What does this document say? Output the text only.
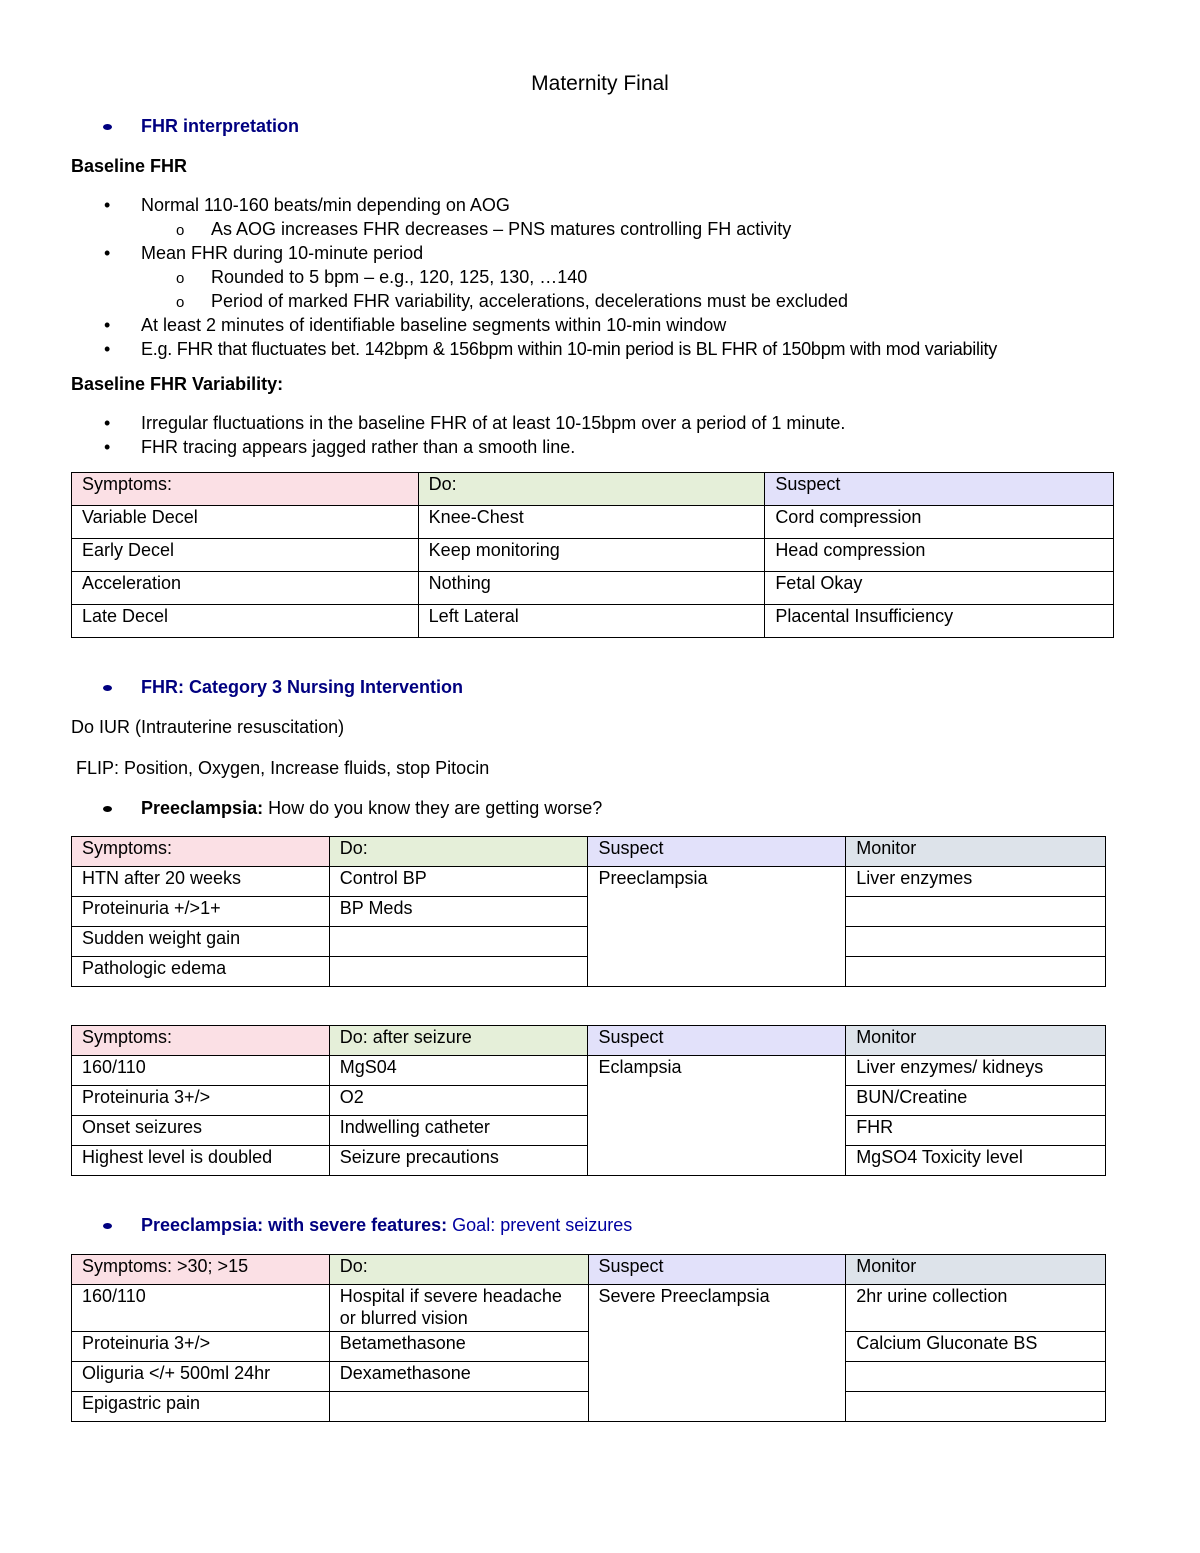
Maternity Final
FHR interpretation
Baseline FHR
• Normal 110-160 beats/min depending on AOG
o As AOG increases FHR decreases – PNS matures controlling FH activity
• Mean FHR during 10-minute period
o Rounded to 5 bpm – e.g., 120, 125, 130, …140
o Period of marked FHR variability, accelerations, decelerations must be excluded
• At least 2 minutes of identifiable baseline segments within 10-min window
• E.g. FHR that fluctuates bet. 142bpm & 156bpm within 10-min period is BL FHR of 150bpm with mod variability
Baseline FHR Variability:
• Irregular fluctuations in the baseline FHR of at least 10-15bpm over a period of 1 minute.
• FHR tracing appears jagged rather than a smooth line.
Symptoms:	Do:	Suspect
Variable Decel	Knee-Chest	Cord compression
Early Decel	Keep monitoring	Head compression
Acceleration	Nothing	Fetal Okay
Late Decel	Left Lateral	Placental Insufficiency
FHR: Category 3 Nursing Intervention
Do IUR (Intrauterine resuscitation)
FLIP: Position, Oxygen, Increase fluids, stop Pitocin
Preeclampsia:
How do you know they are getting worse?
Symptoms:	Do:	Suspect	Monitor
HTN after 20 weeks	Control BP	Preeclampsia	Liver enzymes
Proteinuria +/>1+	BP Meds		
Sudden weight gain			
Pathologic edema			
Symptoms:	Do: after seizure	Suspect	Monitor
160/110	MgS04	Eclampsia	Liver enzymes/ kidneys
Proteinuria 3+/>	O2		BUN/Creatine
Onset seizures	Indwelling catheter		FHR
Highest level is doubled	Seizure precautions		MgSO4 Toxicity level
Preeclampsia: with severe features:
Goal: prevent seizures
Symptoms: >30; >15	Do:	Suspect	Monitor
160/110	Hospital if severe headache or blurred vision	Severe Preeclampsia	2hr urine collection
Proteinuria 3+/>	Betamethasone		Calcium Gluconate BS
Oliguria </+ 500ml 24hr	Dexamethasone		
Epigastric pain			
